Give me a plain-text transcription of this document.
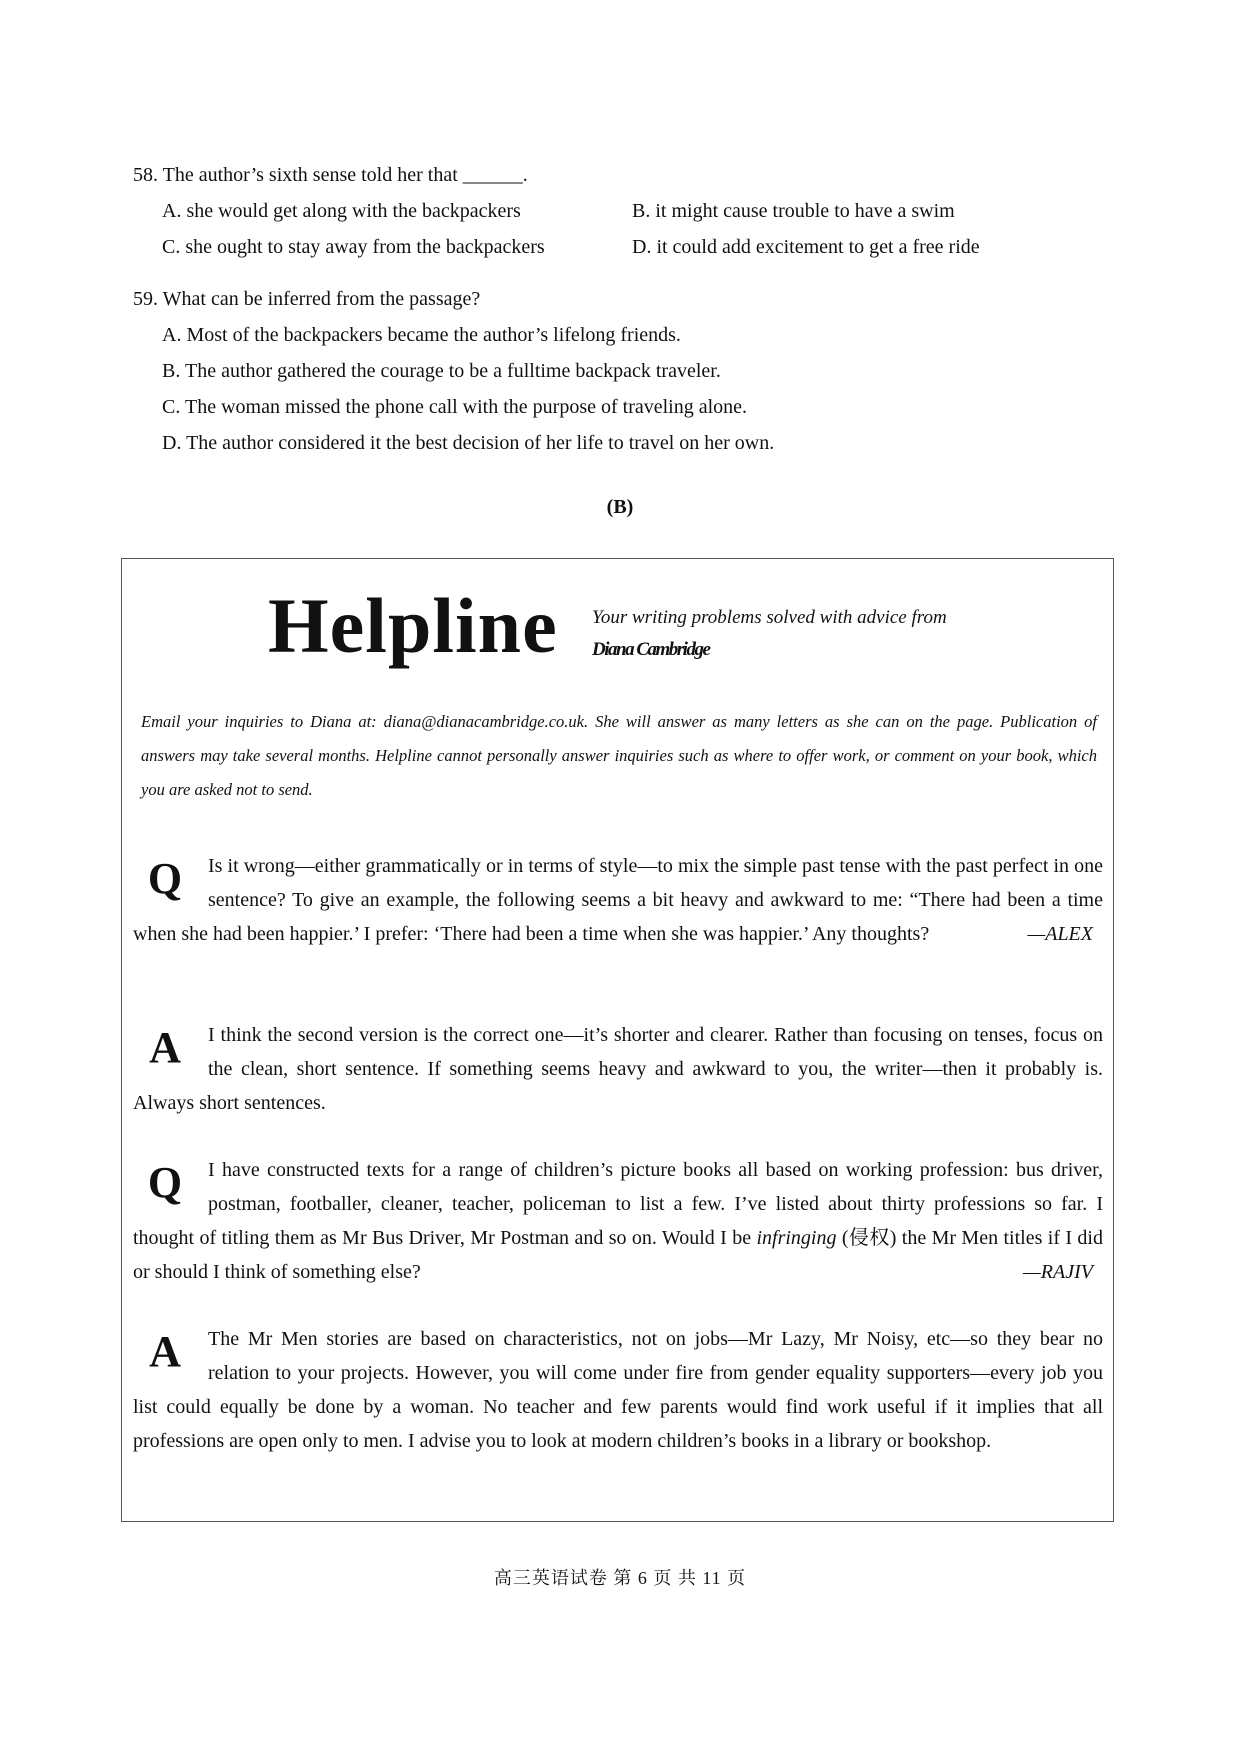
58. The author’s sixth sense told her that ______.
A. she would get along with the backpackers	B. it might cause trouble to have a swim
C. she ought to stay away from the backpackers	D. it could add excitement to get a free ride
59. What can be inferred from the passage?
A. Most of the backpackers became the author’s lifelong friends.
B. The author gathered the courage to be a fulltime backpack traveler.
C. The woman missed the phone call with the purpose of traveling alone.
D. The author considered it the best decision of her life to travel on her own.
(B)
Helpline Your writing problems solved with advice from
Diana Cambridge
Email your inquiries to Diana at: diana@dianacambridge.co.uk. She will answer as many letters as she can on the page. Publication of answers may take several months. Helpline cannot personally answer inquiries such as where to offer work, or comment on your book, which you are asked not to send.
Q	Is it wrong—either grammatically or in terms of style—to mix the simple past tense with the past perfect in one sentence? To give an example, the following seems a bit heavy and awkward to me: “There had been a time when she had been happier.’ I prefer: ‘There had been a time when she was happier.’ Any thoughts?	—ALEX
A	I think the second version is the correct one—it’s shorter and clearer. Rather than focusing on tenses, focus on the clean, short sentence. If something seems heavy and awkward to you, the writer—then it probably is. Always short sentences.
Q	I have constructed texts for a range of children’s picture books all based on working profession: bus driver, postman, footballer, cleaner, teacher, policeman to list a few. I’ve listed about thirty professions so far. I thought of titling them as Mr Bus Driver, Mr Postman and so on. Would I be infringing (侵权) the Mr Men titles if I did or should I think of something else?	—RAJIV
A	The Mr Men stories are based on characteristics, not on jobs—Mr Lazy, Mr Noisy, etc—so they bear no relation to your projects. However, you will come under fire from gender equality supporters—every job you list could equally be done by a woman. No teacher and few parents would find work useful if it implies that all professions are open only to men. I advise you to look at modern children’s books in a library or bookshop.
高三英语试卷 第 6 页 共 11 页
